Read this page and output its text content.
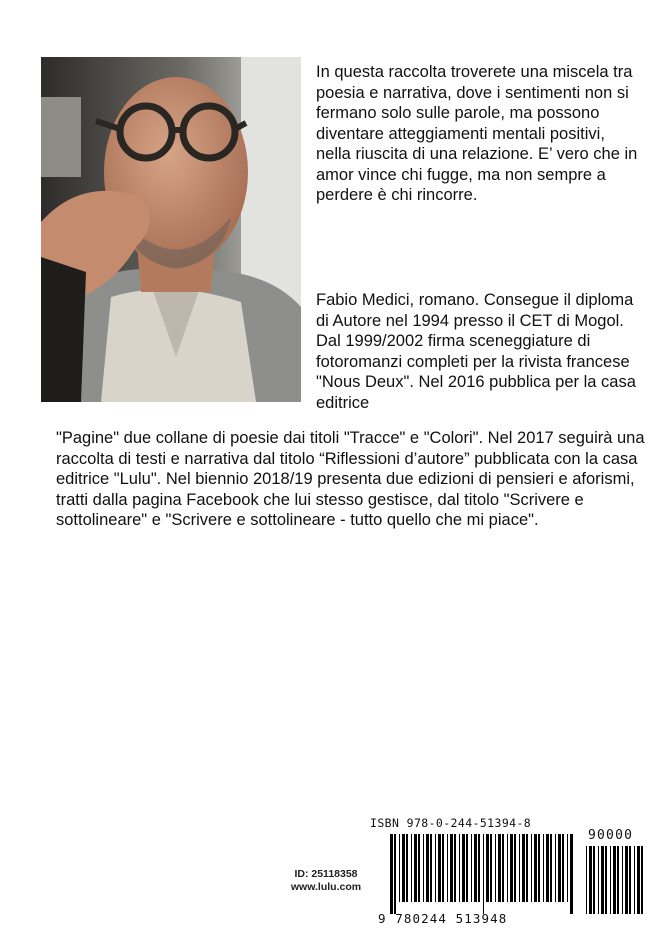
In questa raccolta troverete una miscela tra poesia e narrativa, dove i sentimenti non si fermano solo sulle parole, ma possono diventare atteggiamenti mentali positivi, nella riuscita di una relazione. E’ vero che in amor vince chi fugge, ma non sempre a perdere è chi rincorre.

Fabio Medici, romano. Consegue il diploma di Autore nel 1994 presso il CET di Mogol. Dal 1999/2002 firma sceneggiature di fotoromanzi completi per la rivista francese "Nous Deux". Nel 2016 pubblica per la casa editrice

"Pagine" due collane di poesie dai titoli "Tracce" e "Colori". Nel 2017 seguirà una raccolta di testi e narrativa dal titolo “Riflessioni d’autore” pubblicata con la casa editrice "Lulu". Nel biennio 2018/19 presenta due edizioni di pensieri e aforismi, tratti dalla pagina Facebook che lui stesso gestisce, dal titolo "Scrivere e sottolineare" e "Scrivere e sottolineare - tutto quello che mi piace".

ID: 25118358
www.lulu.com
ISBN 978-0-244-51394-8
9 780244 513948
90000
